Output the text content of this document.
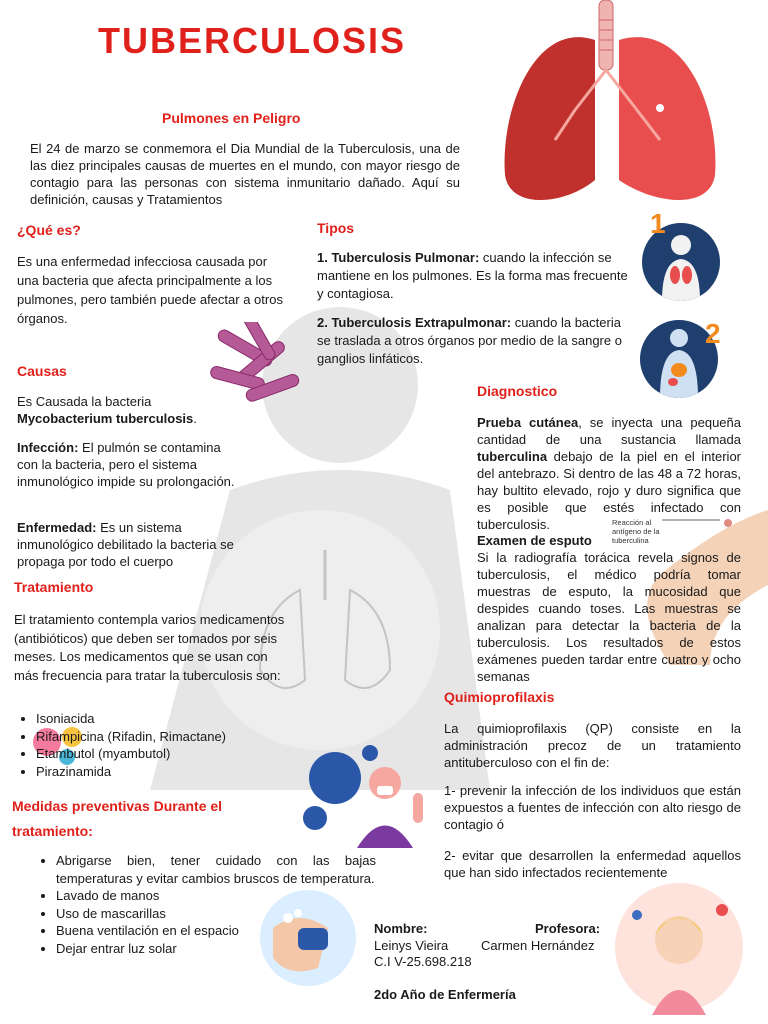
TUBERCULOSIS
Pulmones en Peligro
El 24 de marzo se conmemora el Dia Mundial de la Tuberculosis, una de las diez principales causas de muertes en el mundo, con mayor riesgo de contagio para las personas con sistema inmunitario dañado. Aquí su definición, causas y Tratamientos
¿Qué es?
Es una enfermedad infecciosa causada por una bacteria que afecta principalmente a los pulmones, pero también puede afectar a otros órganos.
Tipos
1. Tuberculosis Pulmonar: cuando la infección se mantiene en los pulmones. Es la forma mas frecuente y contagiosa.
2. Tuberculosis Extrapulmonar: cuando la bacteria se traslada a otros órganos por medio de la sangre o ganglios linfáticos.
1
2
Causas
Es Causada la bacteria
Mycobacterium tuberculosis.
Infección: El pulmón se contamina con la bacteria, pero el sistema inmunológico impide su prolongación.
Enfermedad: Es un sistema inmunológico debilitado la bacteria se propaga por todo el cuerpo
Diagnostico
Prueba cutánea, se inyecta una pequeña cantidad de una sustancia llamada tuberculina debajo de la piel en el interior del antebrazo. Si dentro de las 48 a 72 horas, hay bultito elevado, rojo y duro significa que es posible que estés infectado con tuberculosis.	Reacción al antígeno de la tuberculina
Examen de esputo
Si la radiografía torácica revela signos de tuberculosis, el médico podría tomar muestras de esputo, la mucosidad que despides cuando toses. Las muestras se analizan para detectar la bacteria de la tuberculosis. Los resultados de estos exámenes pueden tardar entre cuatro y ocho semanas
Tratamiento
El tratamiento contempla varios medicamentos (antibióticos) que deben ser tomados por seis meses. Los medicamentos que se usan con más frecuencia para tratar la tuberculosis son:
• Isoniacida
• Rifampicina (Rifadin, Rimactane)
• Etambutol (myambutol)
• Pirazinamida
Quimioprofilaxis
La quimioprofilaxis (QP) consiste en la administración precoz de un tratamiento antituberculoso con el fin de:
1- prevenir la infección de los individuos que están expuestos a fuentes de infección con alto riesgo de contagio ó
2- evitar que desarrollen la enfermedad aquellos que han sido infectados recientemente
Medidas preventivas Durante el tratamiento:
• Abrigarse bien, tener cuidado con las bajas temperaturas y evitar cambios bruscos de temperatura.
• Lavado de manos
• Uso de mascarillas
• Buena ventilación en el espacio
• Dejar entrar luz solar
Nombre:	Profesora:
Leinys Vieira	Carmen Hernández
C.I V-25.698.218
2do Año de Enfermería
